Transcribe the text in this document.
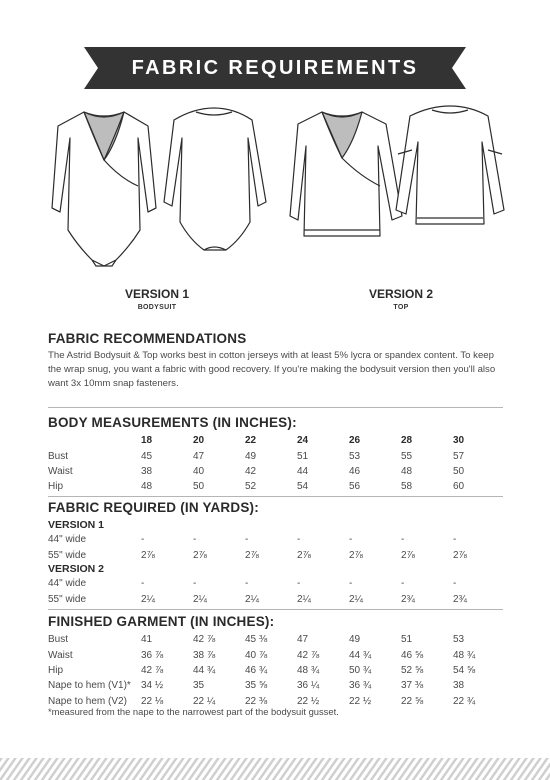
FABRIC REQUIREMENTS
VERSION 1
BODYSUIT
VERSION 2
TOP
FABRIC RECOMMENDATIONS

The Astrid Bodysuit & Top works best in cotton jerseys with at least 5% lycra or spandex content. To keep the wrap snug, you want a fabric with good recovery. If you're making the bodysuit version then you'll also want 3x 10mm snap fasteners.

BODY MEASUREMENTS (IN INCHES):
	18	20	22	24	26	28	30
Bust	45	47	49	51	53	55	57
Waist	38	40	42	44	46	48	50
Hip	48	50	52	54	56	58	60
FABRIC REQUIRED (IN YARDS):
VERSION 1
44" wide	-	-	-	-	-	-	-
55" wide	2⅞	2⅞	2⅞	2⅞	2⅞	2⅞	2⅞
VERSION 2
44" wide	-	-	-	-	-	-	-
55" wide	2¼	2¼	2¼	2¼	2¼	2¾	2¾
FINISHED GARMENT (IN INCHES):
Bust	41	42 ⅞	45 ⅜	47	49	51	53
Waist	36 ⅞	38 ⅞	40 ⅞	42 ⅞	44 ¾	46 ⅝	48 ¾
Hip	42 ⅞	44 ¾	46 ¾	48 ¾	50 ¾	52 ⅝	54 ⅝
Nape to hem (V1)*	34 ½	35	35 ⅝	36 ¼	36 ¾	37 ⅜	38
Nape to hem (V2)	22 ⅛	22 ¼	22 ⅜	22 ½	22 ½	22 ⅝	22 ¾
*measured from the nape to the narrowest part of the bodysuit gusset.
